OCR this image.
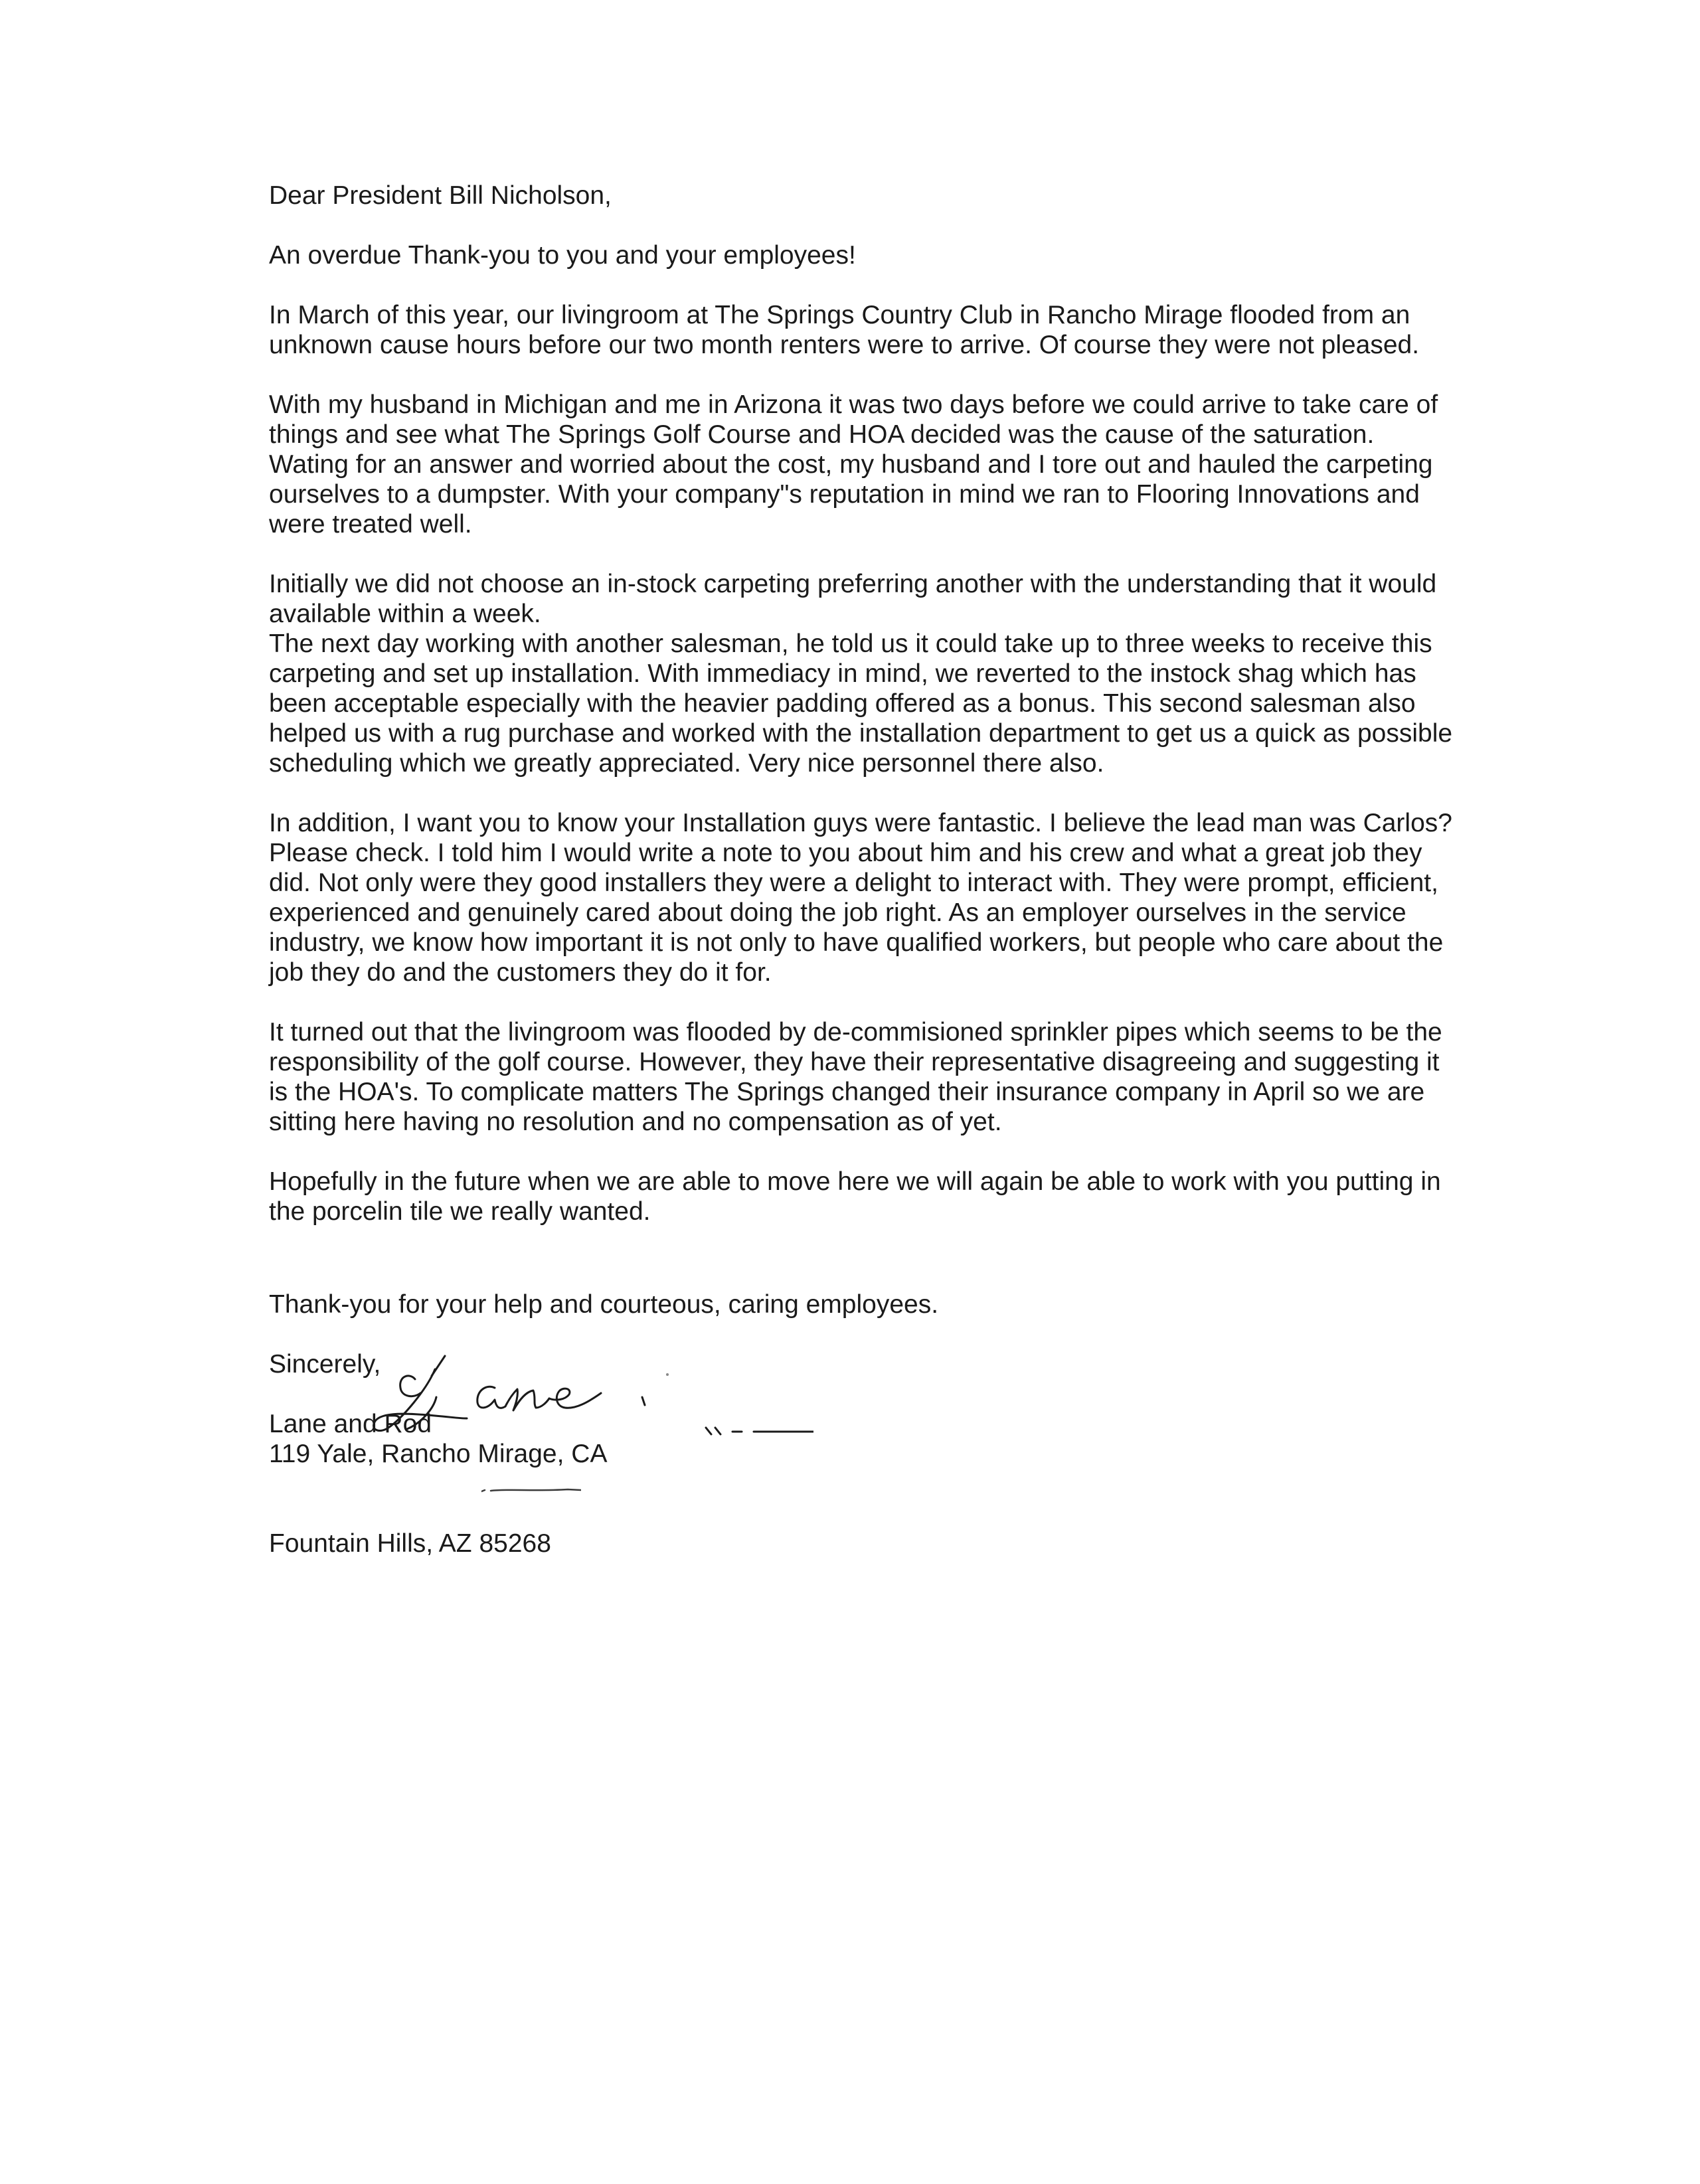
Dear President Bill Nicholson,

An overdue Thank-you to you and your employees!

In March of this year, our livingroom at The Springs Country Club in Rancho Mirage flooded from an unknown cause hours before our two month renters were to arrive. Of course they were not pleased.

With my husband in Michigan and me in Arizona it was two days before we could arrive to take care of things and see what The Springs Golf Course and HOA decided was the cause of the saturation. Wating for an answer and worried about the cost, my husband and I tore out and hauled the carpeting ourselves to a dumpster. With your company"s reputation in mind we ran to Flooring Innovations and were treated well.

Initially we did not choose an in-stock carpeting preferring another with the understanding that it would available within a week.

The next day working with another salesman, he told us it could take up to three weeks to receive this carpeting and set up installation. With immediacy in mind, we reverted to the instock shag which has been acceptable especially with the heavier padding offered as a bonus. This second salesman also helped us with a rug purchase and worked with the installation department to get us a quick as possible scheduling which we greatly appreciated. Very nice personnel there also.

In addition, I want you to know your Installation guys were fantastic. I believe the lead man was Carlos? Please check. I told him I would write a note to you about him and his crew and what a great job they did. Not only were they good installers they were a delight to interact with. They were prompt, efficient, experienced and genuinely cared about doing the job right. As an employer ourselves in the service industry, we know how important it is not only to have qualified workers, but people who care about the job they do and the customers they do it for.

It turned out that the livingroom was flooded by de-commisioned sprinkler pipes which seems to be the responsibility of the golf course. However, they have their representative disagreeing and suggesting it is the HOA's. To complicate matters The Springs changed their insurance company in April so we are sitting here having no resolution and no compensation as of yet.

Hopefully in the future when we are able to move here we will again be able to work with you putting in the porcelin tile we really wanted.

Thank-you for your help and courteous, caring employees.

Sincerely,
Lane and Rod
119 Yale, Rancho Mirage, CA
Fountain Hills, AZ 85268
